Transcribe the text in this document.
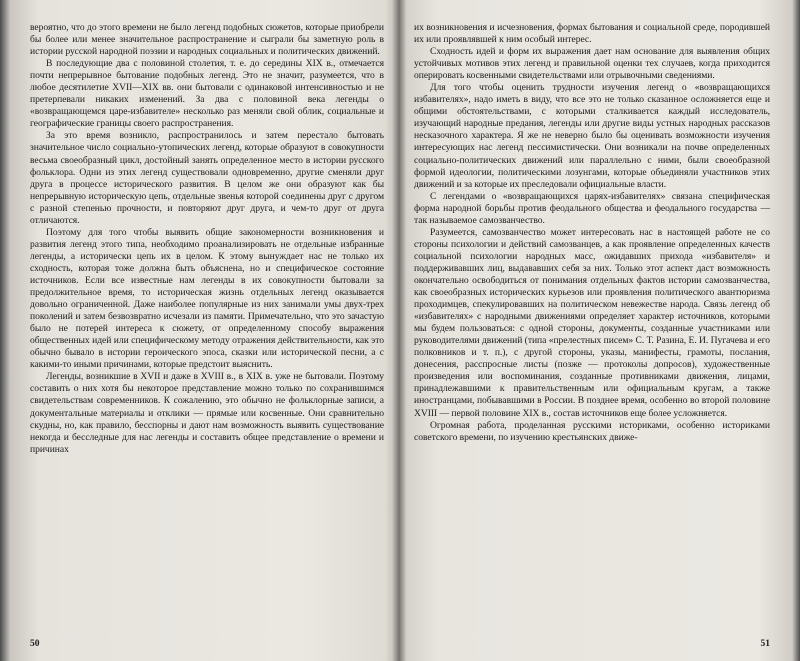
вероятно, что до этого времени не было легенд подобных сюжетов, которые приобрели бы более или менее значительное распространение и сыграли бы заметную роль в истории русской народной поэзии и народных социальных и политических движений.

В последующие два с половиной столетия, т. е. до середины XIX в., отмечается почти непрерывное бытование подобных легенд. Это не значит, разумеется, что в любое десятилетие XVII—XIX вв. они бытовали с одинаковой интенсивностью и не претерпевали никаких изменений. За два с половиной века легенды о «возвращающемся царе-избавителе» несколько раз меняли свой облик, социальные и географические границы своего распространения.

За это время возникло, распространилось и затем перестало бытовать значительное число социально-утопических легенд, которые образуют в совокупности весьма своеобразный цикл, достойный занять определенное место в истории русского фольклора. Одни из этих легенд существовали одновременно, другие сменяли друг друга в процессе исторического развития. В целом же они образуют как бы непрерывную историческую цепь, отдельные звенья которой соединены друг с другом с разной степенью прочности, и повторяют друг друга, и чем-то друг от друга отличаются.

Поэтому для того чтобы выявить общие закономерности возникновения и развития легенд этого типа, необходимо проанализировать не отдельные избранные легенды, а исторически цепь их в целом. К этому вынуждает нас не только их сходность, которая тоже должна быть объяснена, но и специфическое состояние источников. Если все известные нам легенды в их совокупности бытовали за предолжительное время, то историческая жизнь отдельных легенд оказывается довольно ограниченной. Даже наиболее популярные из них занимали умы двух-трех поколений и затем безвозвратно исчезали из памяти. Примечательно, что это зачастую было не потерей интереса к сюжету, от определенному способу выражения общественных идей или специфическому методу отражения действительности, как это обычно бывало в истории героического эпоса, сказки или исторической песни, а с какими-то иными причинами, которые предстоит выяснить.

Легенды, возникшие в XVII и даже в XVIII в., в XIX в. уже не бытовали. Поэтому составить о них хотя бы некоторое представление можно только по сохранившимся свидетельствам современников. К сожалению, это обычно не фольклорные записи, а документальные материалы и отклики — прямые или косвенные. Они сравнительно скудны, но, как правило, бесспорны и дают нам возможность выявить существование некогда и бесследные для нас легенды и составить общее представление о времени и причинах

50

их возникновения и исчезновения, формах бытования и социальной среде, породившей их или проявлявшей к ним особый интерес.

Сходность идей и форм их выражения дает нам основание для выявления общих устойчивых мотивов этих легенд и правильной оценки тех случаев, когда приходится оперировать косвенными свидетельствами или отрывочными сведениями.

Для того чтобы оценить трудности изучения легенд о «возвращающихся избавителях», надо иметь в виду, что все это не только сказанное осложняется еще и общими обстоятельствами, с которыми сталкивается каждый исследователь, изучающий народные предания, легенды или другие виды устных народных рассказов несказочного характера. Я же не неверно было бы оценивать возможности изучения интересующих нас легенд пессимистически. Они возникали на почве определенных социально-политических движений или параллельно с ними, были своеобразной формой идеологии, политическими лозунгами, которые объединяли участников этих движений и за которые их преследовали официальные власти.

С легендами о «возвращающихся царях-избавителях» связана специфическая форма народной борьбы против феодального общества и феодального государства — так называемое самозванчество.

Разумеется, самозванчество может интересовать нас в настоящей работе не со стороны психологии и действий самозванцев, а как проявление определенных качеств социальной психологии народных масс, ожидавших прихода «избавителя» и поддерживавших лиц, выдававших себя за них. Только этот аспект даст возможность окончательно освободиться от понимания отдельных фактов истории самозванчества, как своеобразных исторических курьезов или проявления политического авантюризма проходимцев, спекулировавших на политическом невежестве народа. Связь легенд об «избавителях» с народными движениями определяет характер источников, которыми мы будем пользоваться: с одной стороны, документы, созданные участниками или руководителями движений (типа «прелестных писем» С. Т. Разина, Е. И. Пугачева и его полковников и т. п.), с другой стороны, указы, манифесты, грамоты, послания, донесения, расспросные листы (позже — протоколы допросов), художественные произведения или воспоминания, созданные противниками движения, лицами, принадлежавшими к правительственным или официальным кругам, а также иностранцами, побывавшими в России. В позднее время, особенно во второй половине XVIII — первой половине XIX в., состав источников еще более усложняется.

Огромная работа, проделанная русскими историками, особенно историками советского времени, по изучению крестьянских движе-

51
